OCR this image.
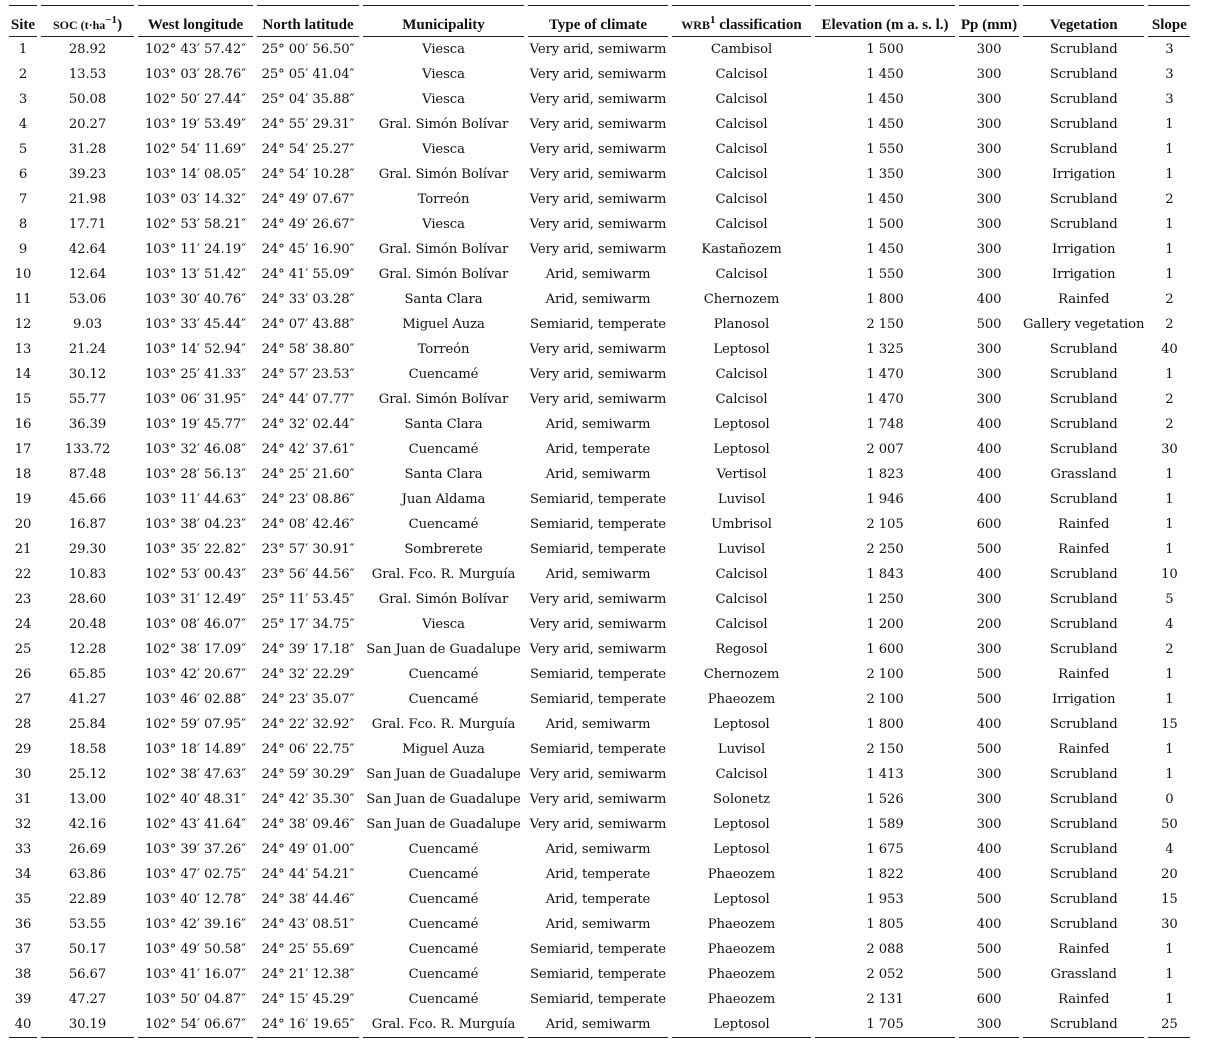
Site	SOC $(t\cdot ha^{-1})$	West longitude	North latitude	Municipality	Type of climate	WRB$^1$ classification	Elevation (m a. s. l.)	Pp (mm)	Vegetation	Slope
1	28.92	102° 43′ 57.42″	25° 00′ 56.50″	Viesca	Very arid, semiwarm	Cambisol	1 500	300	Scrubland	3
2	13.53	103° 03′ 28.76″	25° 05′ 41.04″	Viesca	Very arid, semiwarm	Calcisol	1 450	300	Scrubland	3
3	50.08	102° 50′ 27.44″	25° 04′ 35.88″	Viesca	Very arid, semiwarm	Calcisol	1 450	300	Scrubland	3
4	20.27	103° 19′ 53.49″	24° 55′ 29.31″	Gral. Simón Bolívar	Very arid, semiwarm	Calcisol	1 450	300	Scrubland	1
5	31.28	102° 54′ 11.69″	24° 54′ 25.27″	Viesca	Very arid, semiwarm	Calcisol	1 550	300	Scrubland	1
6	39.23	103° 14′ 08.05″	24° 54′ 10.28″	Gral. Simón Bolívar	Very arid, semiwarm	Calcisol	1 350	300	Irrigation	1
7	21.98	103° 03′ 14.32″	24° 49′ 07.67″	Torreón	Very arid, semiwarm	Calcisol	1 450	300	Scrubland	2
8	17.71	102° 53′ 58.21″	24° 49′ 26.67″	Viesca	Very arid, semiwarm	Calcisol	1 500	300	Scrubland	1
9	42.64	103° 11′ 24.19″	24° 45′ 16.90″	Gral. Simón Bolívar	Very arid, semiwarm	Kastañozem	1 450	300	Irrigation	1
10	12.64	103° 13′ 51.42″	24° 41′ 55.09″	Gral. Simón Bolívar	Arid, semiwarm	Calcisol	1 550	300	Irrigation	1
11	53.06	103° 30′ 40.76″	24° 33′ 03.28″	Santa Clara	Arid, semiwarm	Chernozem	1 800	400	Rainfed	2
12	9.03	103° 33′ 45.44″	24° 07′ 43.88″	Miguel Auza	Semiarid, temperate	Planosol	2 150	500	Gallery vegetation	2
13	21.24	103° 14′ 52.94″	24° 58′ 38.80″	Torreón	Very arid, semiwarm	Leptosol	1 325	300	Scrubland	40
14	30.12	103° 25′ 41.33″	24° 57′ 23.53″	Cuencamé	Very arid, semiwarm	Calcisol	1 470	300	Scrubland	1
15	55.77	103° 06′ 31.95″	24° 44′ 07.77″	Gral. Simón Bolívar	Very arid, semiwarm	Calcisol	1 470	300	Scrubland	2
16	36.39	103° 19′ 45.77″	24° 32′ 02.44″	Santa Clara	Arid, semiwarm	Leptosol	1 748	400	Scrubland	2
17	133.72	103° 32′ 46.08″	24° 42′ 37.61″	Cuencamé	Arid, temperate	Leptosol	2 007	400	Scrubland	30
18	87.48	103° 28′ 56.13″	24° 25′ 21.60″	Santa Clara	Arid, semiwarm	Vertisol	1 823	400	Grassland	1
19	45.66	103° 11′ 44.63″	24° 23′ 08.86″	Juan Aldama	Semiarid, temperate	Luvisol	1 946	400	Scrubland	1
20	16.87	103° 38′ 04.23″	24° 08′ 42.46″	Cuencamé	Semiarid, temperate	Umbrisol	2 105	600	Rainfed	1
21	29.30	103° 35′ 22.82″	23° 57′ 30.91″	Sombrerete	Semiarid, temperate	Luvisol	2 250	500	Rainfed	1
22	10.83	102° 53′ 00.43″	23° 56′ 44.56″	Gral. Fco. R. Murguía	Arid, semiwarm	Calcisol	1 843	400	Scrubland	10
23	28.60	103° 31′ 12.49″	25° 11′ 53.45″	Gral. Simón Bolívar	Very arid, semiwarm	Calcisol	1 250	300	Scrubland	5
24	20.48	103° 08′ 46.07″	25° 17′ 34.75″	Viesca	Very arid, semiwarm	Calcisol	1 200	200	Scrubland	4
25	12.28	102° 38′ 17.09″	24° 39′ 17.18″	San Juan de Guadalupe	Very arid, semiwarm	Regosol	1 600	300	Scrubland	2
26	65.85	103° 42′ 20.67″	24° 32′ 22.29″	Cuencamé	Semiarid, temperate	Chernozem	2 100	500	Rainfed	1
27	41.27	103° 46′ 02.88″	24° 23′ 35.07″	Cuencamé	Semiarid, temperate	Phaeozem	2 100	500	Irrigation	1
28	25.84	102° 59′ 07.95″	24° 22′ 32.92″	Gral. Fco. R. Murguía	Arid, semiwarm	Leptosol	1 800	400	Scrubland	15
29	18.58	103° 18′ 14.89″	24° 06′ 22.75″	Miguel Auza	Semiarid, temperate	Luvisol	2 150	500	Rainfed	1
30	25.12	102° 38′ 47.63″	24° 59′ 30.29″	San Juan de Guadalupe	Very arid, semiwarm	Calcisol	1 413	300	Scrubland	1
31	13.00	102° 40′ 48.31″	24° 42′ 35.30″	San Juan de Guadalupe	Very arid, semiwarm	Solonetz	1 526	300	Scrubland	0
32	42.16	102° 43′ 41.64″	24° 38′ 09.46″	San Juan de Guadalupe	Very arid, semiwarm	Leptosol	1 589	300	Scrubland	50
33	26.69	103° 39′ 37.26″	24° 49′ 01.00″	Cuencamé	Arid, semiwarm	Leptosol	1 675	400	Scrubland	4
34	63.86	103° 47′ 02.75″	24° 44′ 54.21″	Cuencamé	Arid, temperate	Phaeozem	1 822	400	Scrubland	20
35	22.89	103° 40′ 12.78″	24° 38′ 44.46″	Cuencamé	Arid, temperate	Leptosol	1 953	500	Scrubland	15
36	53.55	103° 42′ 39.16″	24° 43′ 08.51″	Cuencamé	Arid, semiwarm	Phaeozem	1 805	400	Scrubland	30
37	50.17	103° 49′ 50.58″	24° 25′ 55.69″	Cuencamé	Semiarid, temperate	Phaeozem	2 088	500	Rainfed	1
38	56.67	103° 41′ 16.07″	24° 21′ 12.38″	Cuencamé	Semiarid, temperate	Phaeozem	2 052	500	Grassland	1
39	47.27	103° 50′ 04.87″	24° 15′ 45.29″	Cuencamé	Semiarid, temperate	Phaeozem	2 131	600	Rainfed	1
40	30.19	102° 54′ 06.67″	24° 16′ 19.65″	Gral. Fco. R. Murguía	Arid, semiwarm	Leptosol	1 705	300	Scrubland	25
